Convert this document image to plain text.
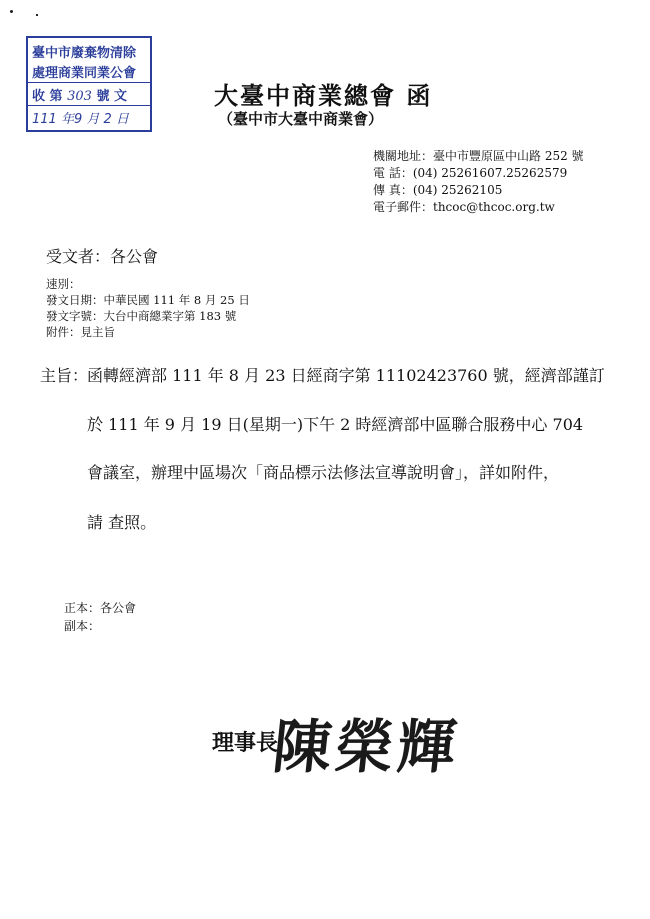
臺中市廢棄物清除
處理商業同業公會
收 第 303 號 文
111 年9 月 2 日
大臺中商業總會 函
（臺中市大臺中商業會）
機關地址：臺中市豐原區中山路 252 號
電 話：(04) 25261607.25262579
傳 真：(04) 25262105
電子郵件：thcoc@thcoc.org.tw
受文者：各公會
速別：
發文日期：中華民國 111 年 8 月 25 日
發文字號：大台中商總業字第 183 號
附件：見主旨
主旨：
函轉經濟部 111 年 8 月 23 日經商字第 11102423760 號，經濟部謹訂
於 111 年 9 月 19 日(星期一)下午 2 時經濟部中區聯合服務中心 704
會議室，辦理中區場次「商品標示法修法宣導說明會」，詳如附件，
請 查照。
正本：各公會
副本：
理事長
陳榮輝
